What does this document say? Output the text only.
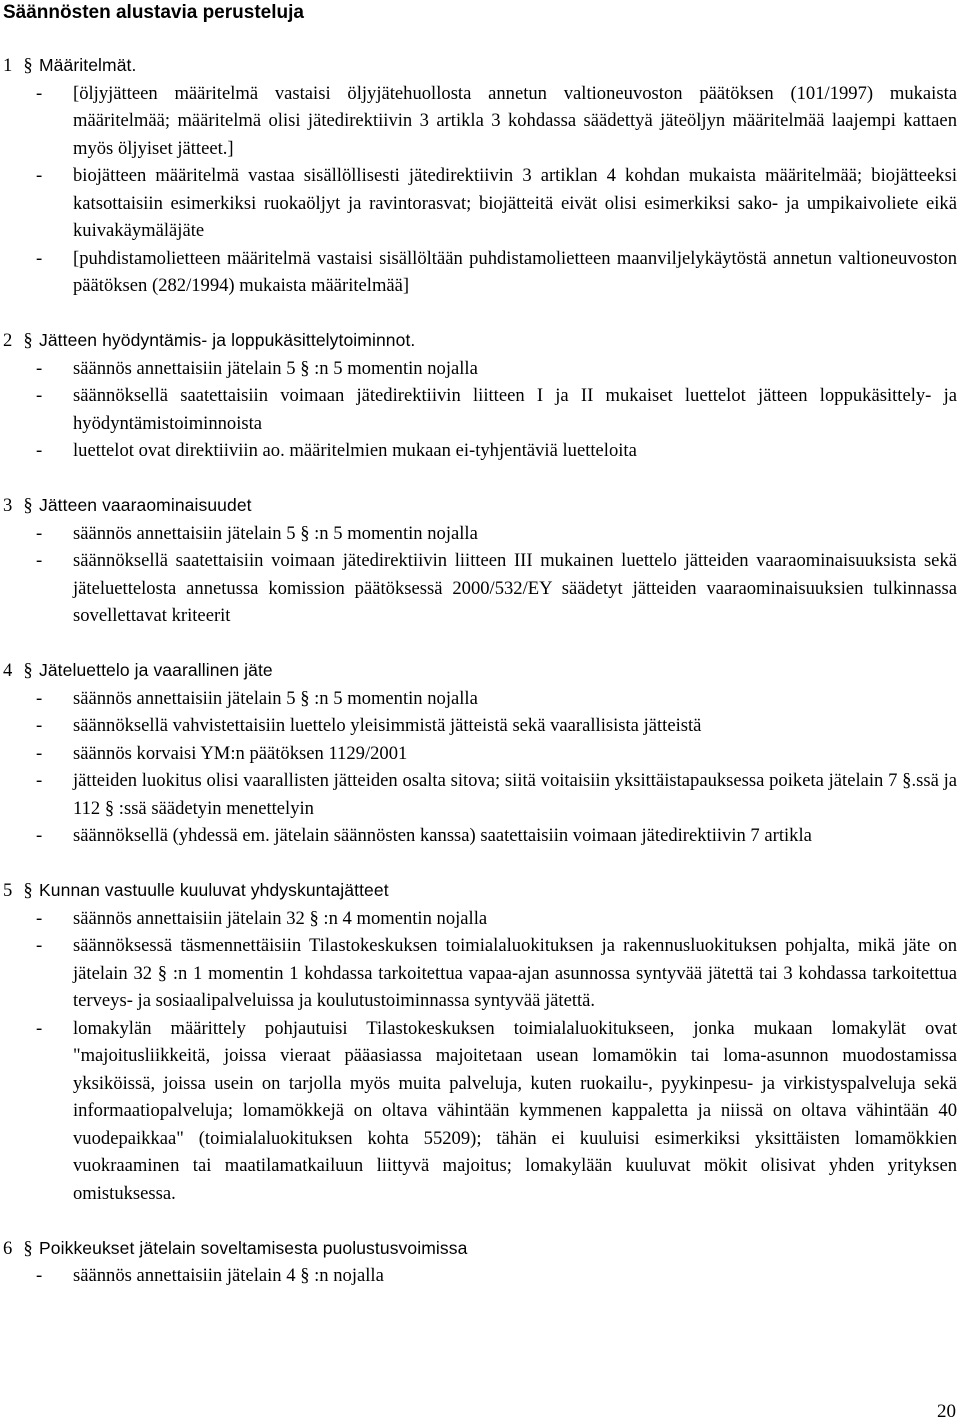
Säännösten alustavia perusteluja

1 § Määritelmät.

-	[öljyjätteen määritelmä vastaisi öljyjätehuollosta annetun valtioneuvoston päätöksen (101/1997) mukaista määritelmää; määritelmä olisi jätedirektiivin 3 artikla 3 kohdassa säädettyä jäteöljyn määritelmää laajempi kattaen myös öljyiset jätteet.]
-	biojätteen määritelmä vastaa sisällöllisesti jätedirektiivin 3 artiklan 4 kohdan mukaista määritelmää; biojätteeksi katsottaisiin esimerkiksi ruokaöljyt ja ravintorasvat; biojätteitä eivät olisi esimerkiksi sako- ja umpikaivoliete eikä kuivakäymäläjäte
-	[puhdistamolietteen määritelmä vastaisi sisällöltään puhdistamolietteen maanviljelykäytöstä annetun valtioneuvoston päätöksen (282/1994) mukaista määritelmää]

2 § Jätteen hyödyntämis- ja loppukäsittelytoiminnot.

-	säännös annettaisiin jätelain 5 § :n 5 momentin nojalla
-	säännöksellä saatettaisiin voimaan jätedirektiivin liitteen I ja II mukaiset luettelot jätteen loppukäsittely- ja hyödyntämistoiminnoista
-	luettelot ovat direktiiviin ao. määritelmien mukaan ei-tyhjentäviä luetteloita

3 § Jätteen vaaraominaisuudet

-	säännös annettaisiin jätelain 5 § :n 5 momentin nojalla
-	säännöksellä saatettaisiin voimaan jätedirektiivin liitteen III mukainen luettelo jätteiden vaaraominaisuuksista sekä jäteluettelosta annetussa komission päätöksessä 2000/532/EY säädetyt jätteiden vaaraominaisuuksien tulkinnassa sovellettavat kriteerit

4 § Jäteluettelo ja vaarallinen jäte

-	säännös annettaisiin jätelain 5 § :n 5 momentin nojalla
-	säännöksellä vahvistettaisiin luettelo yleisimmistä jätteistä sekä vaarallisista jätteistä
-	säännös korvaisi YM:n päätöksen 1129/2001
-	jätteiden luokitus olisi vaarallisten jätteiden osalta sitova; siitä voitaisiin yksittäistapauksessa poiketa jätelain 7 §.ssä ja 112 § :ssä säädetyin menettelyin
-	säännöksellä (yhdessä em. jätelain säännösten kanssa) saatettaisiin voimaan jätedirektiivin 7 artikla

5 § Kunnan vastuulle kuuluvat yhdyskuntajätteet

-	säännös annettaisiin jätelain 32 § :n 4 momentin nojalla
-	säännöksessä täsmennettäisiin Tilastokeskuksen toimialaluokituksen ja rakennusluokituksen pohjalta, mikä jäte on jätelain 32 § :n 1 momentin 1 kohdassa tarkoitettua vapaa-ajan asunnossa syntyvää jätettä tai 3 kohdassa tarkoitettua terveys- ja sosiaalipalveluissa ja koulutustoiminnassa syntyvää jätettä.
-	lomakylän määrittely pohjautuisi Tilastokeskuksen toimialaluokitukseen, jonka mukaan lomakylät ovat "majoitusliikkeitä, joissa vieraat pääasiassa majoitetaan usean lomamökin tai loma-asunnon muodostamissa yksiköissä, joissa usein on tarjolla myös muita palveluja, kuten ruokailu-, pyykinpesu- ja virkistyspalveluja sekä informaatiopalveluja; lomamökkejä on oltava vähintään kymmenen kappaletta ja niissä on oltava vähintään 40 vuodepaikkaa" (toimialaluokituksen kohta 55209); tähän ei kuuluisi esimerkiksi yksittäisten lomamökkien vuokraaminen tai maatilamatkailuun liittyvä majoitus; lomakylään kuuluvat mökit olisivat yhden yrityksen omistuksessa.

6 § Poikkeukset jätelain soveltamisesta puolustusvoimissa

-	säännös annettaisiin jätelain 4 § :n nojalla
20
